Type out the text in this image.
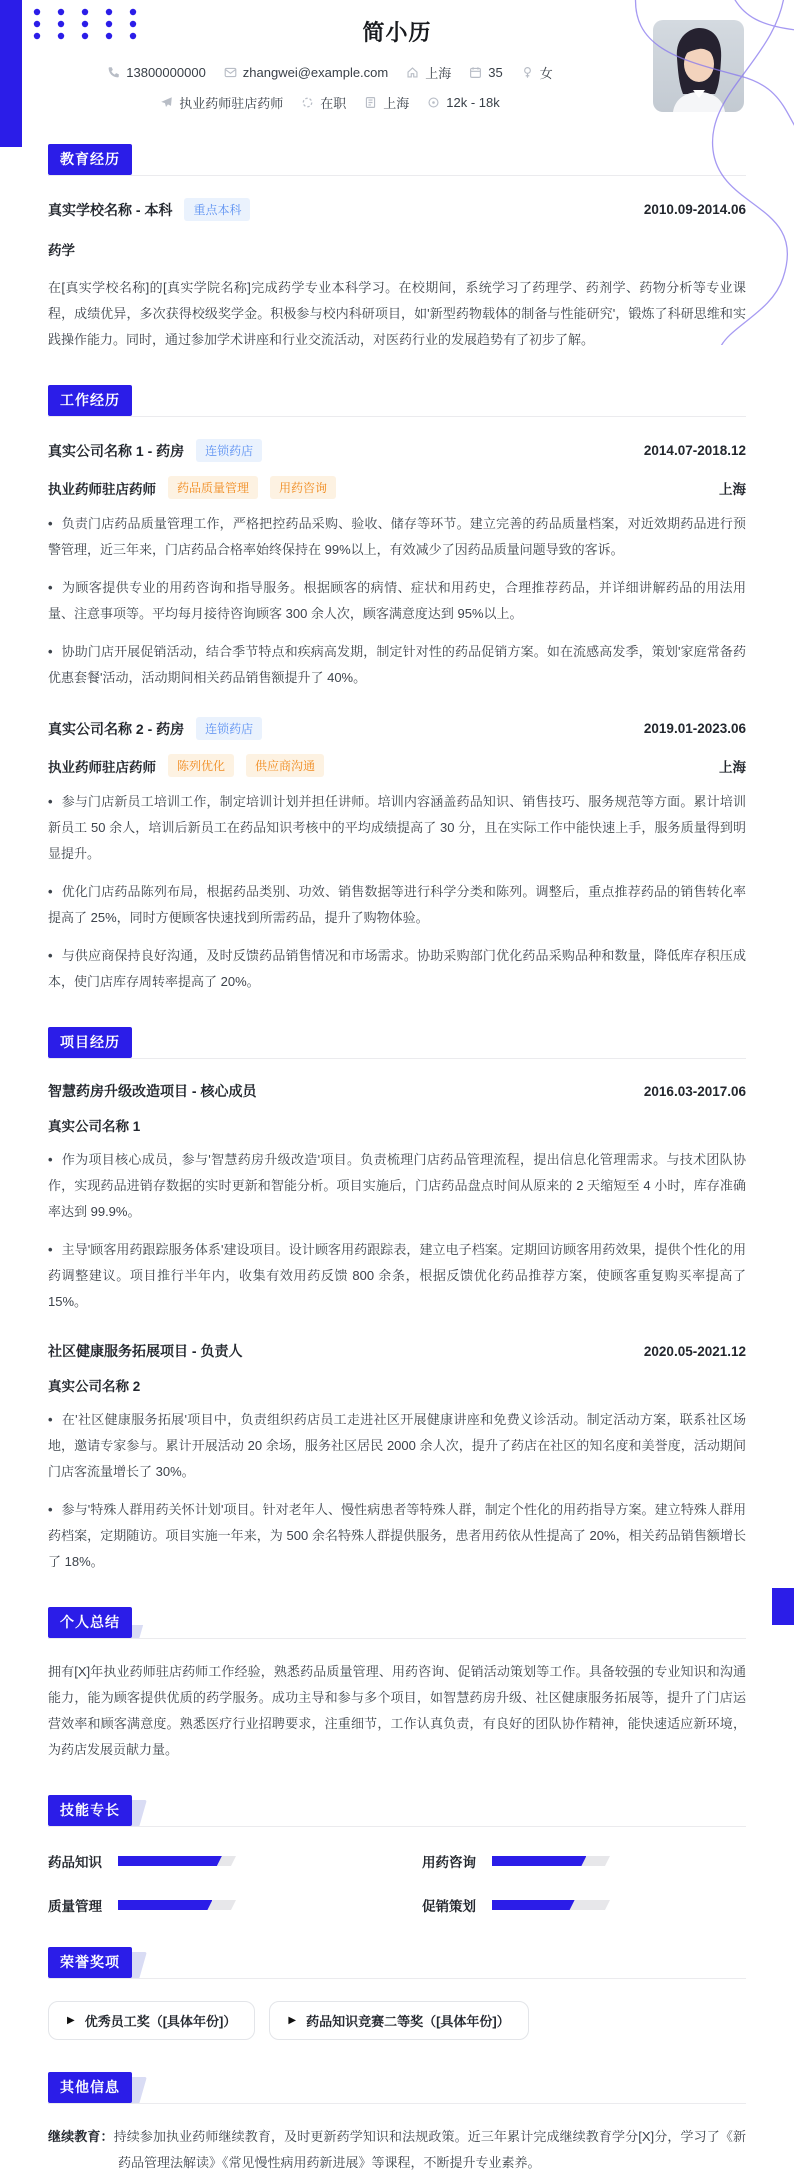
简小历
13800000000	zhangwei@example.com	上海	35	女
执业药师驻店药师	在职	上海	12k - 18k
教育经历
真实学校名称 - 本科	重点本科	2010.09-2014.06
药学

在[真实学校名称]的[真实学院名称]完成药学专业本科学习。在校期间，系统学习了药理学、药剂学、药物分析等专业课程，成绩优异，多次获得校级奖学金。积极参与校内科研项目，如'新型药物载体的制备与性能研究'，锻炼了科研思维和实践操作能力。同时，通过参加学术讲座和行业交流活动，对医药行业的发展趋势有了初步了解。

工作经历
真实公司名称 1 - 药房	连锁药店	2014.07-2018.12
执业药师驻店药师	药品质量管理	用药咨询	上海

• 负责门店药品质量管理工作，严格把控药品采购、验收、储存等环节。建立完善的药品质量档案，对近效期药品进行预警管理，近三年来，门店药品合格率始终保持在 99%以上，有效减少了因药品质量问题导致的客诉。

• 为顾客提供专业的用药咨询和指导服务。根据顾客的病情、症状和用药史，合理推荐药品，并详细讲解药品的用法用量、注意事项等。平均每月接待咨询顾客 300 余人次，顾客满意度达到 95%以上。

• 协助门店开展促销活动，结合季节特点和疾病高发期，制定针对性的药品促销方案。如在流感高发季，策划'家庭常备药优惠套餐'活动，活动期间相关药品销售额提升了 40%。

真实公司名称 2 - 药房	连锁药店	2019.01-2023.06
执业药师驻店药师	陈列优化	供应商沟通	上海

• 参与门店新员工培训工作，制定培训计划并担任讲师。培训内容涵盖药品知识、销售技巧、服务规范等方面。累计培训新员工 50 余人，培训后新员工在药品知识考核中的平均成绩提高了 30 分，且在实际工作中能快速上手，服务质量得到明显提升。

• 优化门店药品陈列布局，根据药品类别、功效、销售数据等进行科学分类和陈列。调整后，重点推荐药品的销售转化率提高了 25%，同时方便顾客快速找到所需药品，提升了购物体验。

• 与供应商保持良好沟通，及时反馈药品销售情况和市场需求。协助采购部门优化药品采购品种和数量，降低库存积压成本，使门店库存周转率提高了 20%。

项目经历
智慧药房升级改造项目 - 核心成员	2016.03-2017.06
真实公司名称 1

• 作为项目核心成员，参与'智慧药房升级改造'项目。负责梳理门店药品管理流程，提出信息化管理需求。与技术团队协作，实现药品进销存数据的实时更新和智能分析。项目实施后，门店药品盘点时间从原来的 2 天缩短至 4 小时，库存准确率达到 99.9%。

• 主导'顾客用药跟踪服务体系'建设项目。设计顾客用药跟踪表，建立电子档案。定期回访顾客用药效果，提供个性化的用药调整建议。项目推行半年内，收集有效用药反馈 800 余条，根据反馈优化药品推荐方案，使顾客重复购买率提高了 15%。

社区健康服务拓展项目 - 负责人	2020.05-2021.12
真实公司名称 2

• 在'社区健康服务拓展'项目中，负责组织药店员工走进社区开展健康讲座和免费义诊活动。制定活动方案，联系社区场地，邀请专家参与。累计开展活动 20 余场，服务社区居民 2000 余人次，提升了药店在社区的知名度和美誉度，活动期间门店客流量增长了 30%。

• 参与'特殊人群用药关怀计划'项目。针对老年人、慢性病患者等特殊人群，制定个性化的用药指导方案。建立特殊人群用药档案，定期随访。项目实施一年来，为 500 余名特殊人群提供服务，患者用药依从性提高了 20%，相关药品销售额增长了 18%。

个人总结

拥有[X]年执业药师驻店药师工作经验，熟悉药品质量管理、用药咨询、促销活动策划等工作。具备较强的专业知识和沟通能力，能为顾客提供优质的药学服务。成功主导和参与多个项目，如智慧药房升级、社区健康服务拓展等，提升了门店运营效率和顾客满意度。熟悉医疗行业招聘要求，注重细节，工作认真负责，有良好的团队协作精神，能快速适应新环境，为药店发展贡献力量。

技能专长
药品知识	用药咨询
质量管理	促销策划
荣誉奖项
▶ 优秀员工奖（[具体年份]）	▶ 药品知识竞赛二等奖（[具体年份]）
其他信息

继续教育：持续参加执业药师继续教育，及时更新药学知识和法规政策。近三年累计完成继续教育学分[X]分，学习了《新药品管理法解读》《常见慢性病用药新进展》等课程，不断提升专业素养。
